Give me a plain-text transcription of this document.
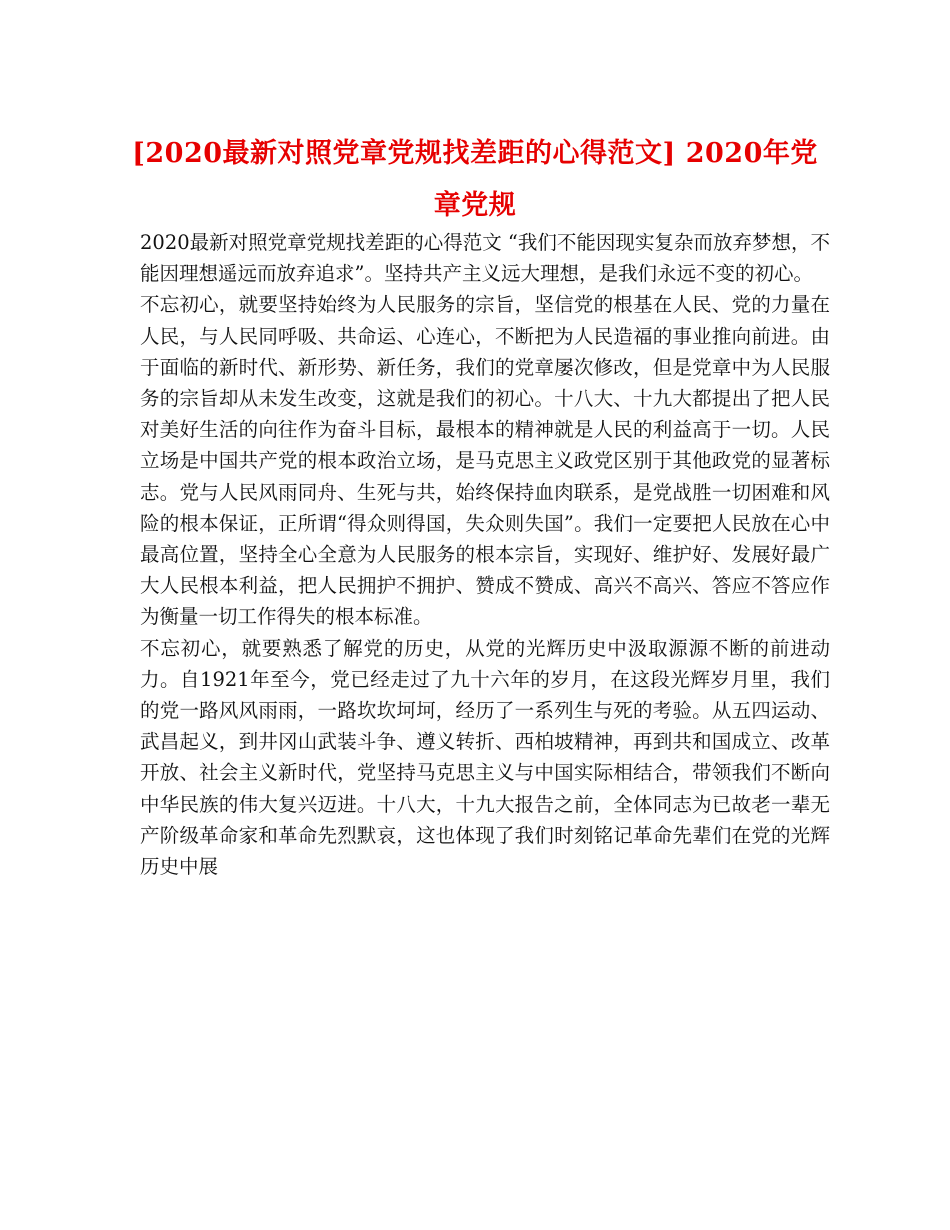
[2020最新对照党章党规找差距的心得范文] 2020年党章党规

2020最新对照党章党规找差距的心得范文 “我们不能因现实复杂而放弃梦想，不能因理想遥远而放弃追求”。坚持共产主义远大理想，是我们永远不变的初心。

不忘初心，就要坚持始终为人民服务的宗旨，坚信党的根基在人民、党的力量在人民，与人民同呼吸、共命运、心连心，不断把为人民造福的事业推向前进。由于面临的新时代、新形势、新任务，我们的党章屡次修改，但是党章中为人民服务的宗旨却从未发生改变，这就是我们的初心。十八大、十九大都提出了把人民对美好生活的向往作为奋斗目标，最根本的精神就是人民的利益高于一切。人民立场是中国共产党的根本政治立场，是马克思主义政党区别于其他政党的显著标志。党与人民风雨同舟、生死与共，始终保持血肉联系，是党战胜一切困难和风险的根本保证，正所谓“得众则得国，失众则失国”。我们一定要把人民放在心中最高位置，坚持全心全意为人民服务的根本宗旨，实现好、维护好、发展好最广大人民根本利益，把人民拥护不拥护、赞成不赞成、高兴不高兴、答应不答应作为衡量一切工作得失的根本标准。

不忘初心，就要熟悉了解党的历史，从党的光辉历史中汲取源源不断的前进动力。自1921年至今，党已经走过了九十六年的岁月，在这段光辉岁月里，我们的党一路风风雨雨，一路坎坎坷坷，经历了一系列生与死的考验。从五四运动、武昌起义，到井冈山武装斗争、遵义转折、西柏坡精神，再到共和国成立、改革开放、社会主义新时代，党坚持马克思主义与中国实际相结合，带领我们不断向中华民族的伟大复兴迈进。十八大，十九大报告之前，全体同志为已故老一辈无产阶级革命家和革命先烈默哀，这也体现了我们时刻铭记革命先辈们在党的光辉历史中展
